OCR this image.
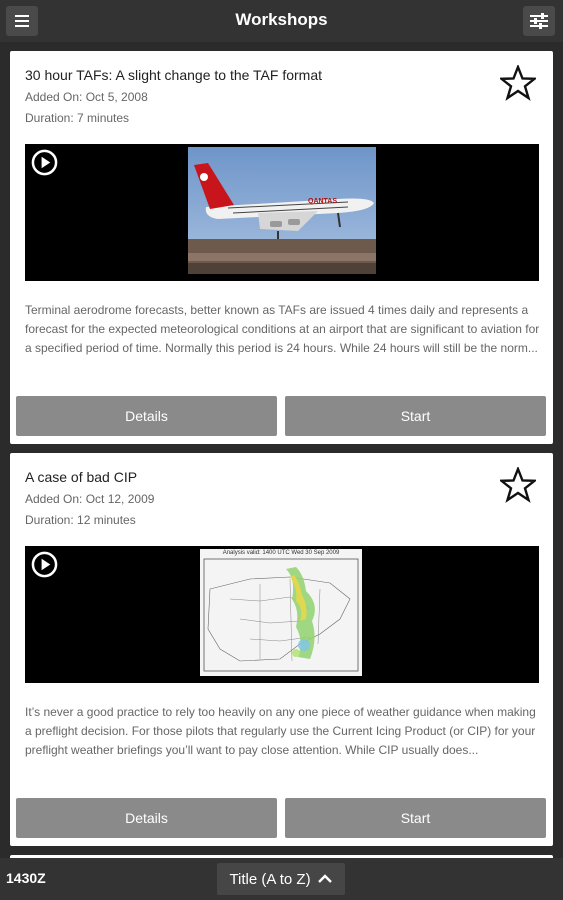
Workshops
30 hour TAFs: A slight change to the TAF format
Added On: Oct 5, 2008
Duration: 7 minutes
QANTAS
Terminal aerodrome forecasts, better known as TAFs are issued 4 times daily and represents a forecast for the expected meteorological conditions at an airport that are significant to aviation for a specified period of time. Normally this period is 24 hours. While 24 hours will still be the norm...
Details	Start
A case of bad CIP
Added On: Oct 12, 2009
Duration: 12 minutes
Analysis valid: 1400 UTC Wed 30 Sep 2009
It’s never a good practice to rely too heavily on any one piece of weather guidance when making a preflight decision. For those pilots that regularly use the Current Icing Product (or CIP) for your preflight weather briefings you’ll want to pay close attention. While CIP usually does...
Details	Start
1430Z	Title (A to Z)
